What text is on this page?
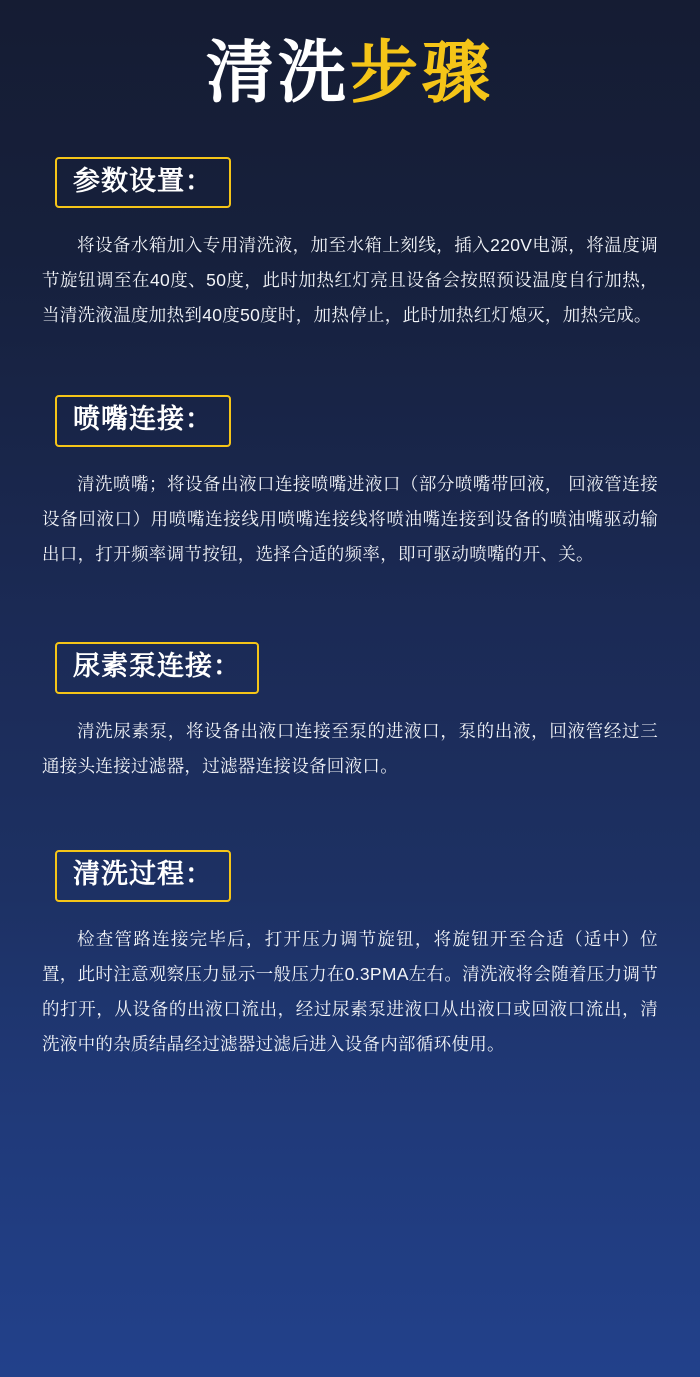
清洗步骤
参数设置：
将设备水箱加入专用清洗液，加至水箱上刻线，插入220V电源，将温度调节旋钮调至在40度、50度，此时加热红灯亮且设备会按照预设温度自行加热，当清洗液温度加热到40度50度时，加热停止，此时加热红灯熄灭，加热完成。
喷嘴连接：
清洗喷嘴；将设备出液口连接喷嘴进液口（部分喷嘴带回液， 回液管连接设备回液口）用喷嘴连接线用喷嘴连接线将喷油嘴连接到设备的喷油嘴驱动输出口，打开频率调节按钮，选择合适的频率，即可驱动喷嘴的开、关。
尿素泵连接：
清洗尿素泵，将设备出液口连接至泵的进液口，泵的出液，回液管经过三通接头连接过滤器，过滤器连接设备回液口。
清洗过程：
检查管路连接完毕后，打开压力调节旋钮，将旋钮开至合适（适中）位置，此时注意观察压力显示一般压力在0.3PMA左右。清洗液将会随着压力调节的打开，从设备的出液口流出，经过尿素泵进液口从出液口或回液口流出，清洗液中的杂质结晶经过滤器过滤后进入设备内部循环使用。
